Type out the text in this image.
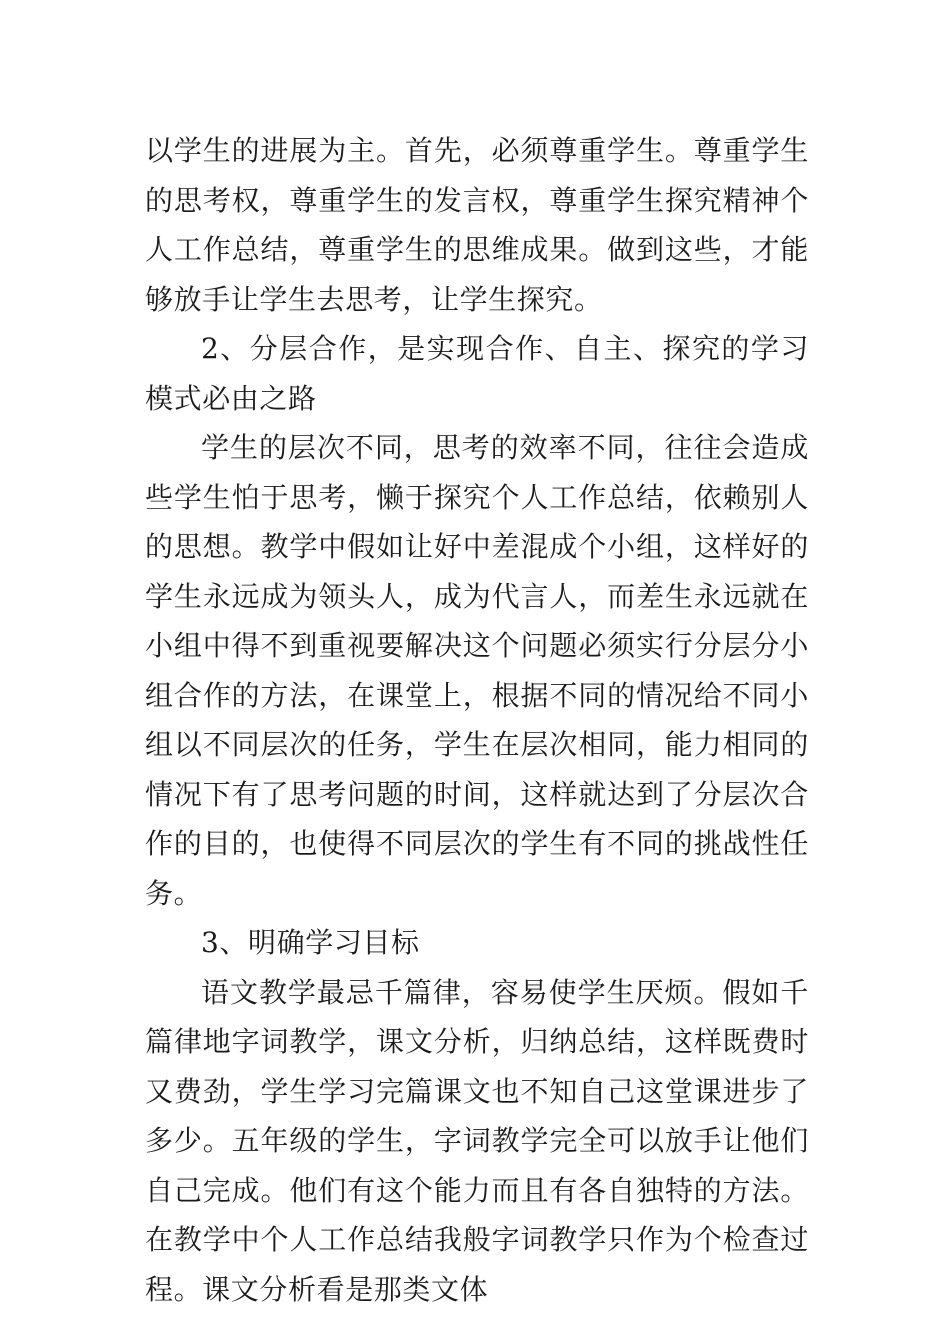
以学生的进展为主。首先，必须尊重学生。尊重学生的思考权，尊重学生的发言权，尊重学生探究精神个人工作总结，尊重学生的思维成果。做到这些，才能够放手让学生去思考，让学生探究。

2、分层合作，是实现合作、自主、探究的学习模式必由之路

学生的层次不同，思考的效率不同，往往会造成些学生怕于思考，懒于探究个人工作总结，依赖别人的思想。教学中假如让好中差混成个小组，这样好的学生永远成为领头人，成为代言人，而差生永远就在小组中得不到重视要解决这个问题必须实行分层分小组合作的方法，在课堂上，根据不同的情况给不同小组以不同层次的任务，学生在层次相同，能力相同的情况下有了思考问题的时间，这样就达到了分层次合作的目的，也使得不同层次的学生有不同的挑战性任务。

3、明确学习目标

语文教学最忌千篇律，容易使学生厌烦。假如千篇律地字词教学，课文分析，归纳总结，这样既费时又费劲，学生学习完篇课文也不知自己这堂课进步了多少。五年级的学生，字词教学完全可以放手让他们自己完成。他们有这个能力而且有各自独特的方法。在教学中个人工作总结我般字词教学只作为个检查过程。课文分析看是那类文体
